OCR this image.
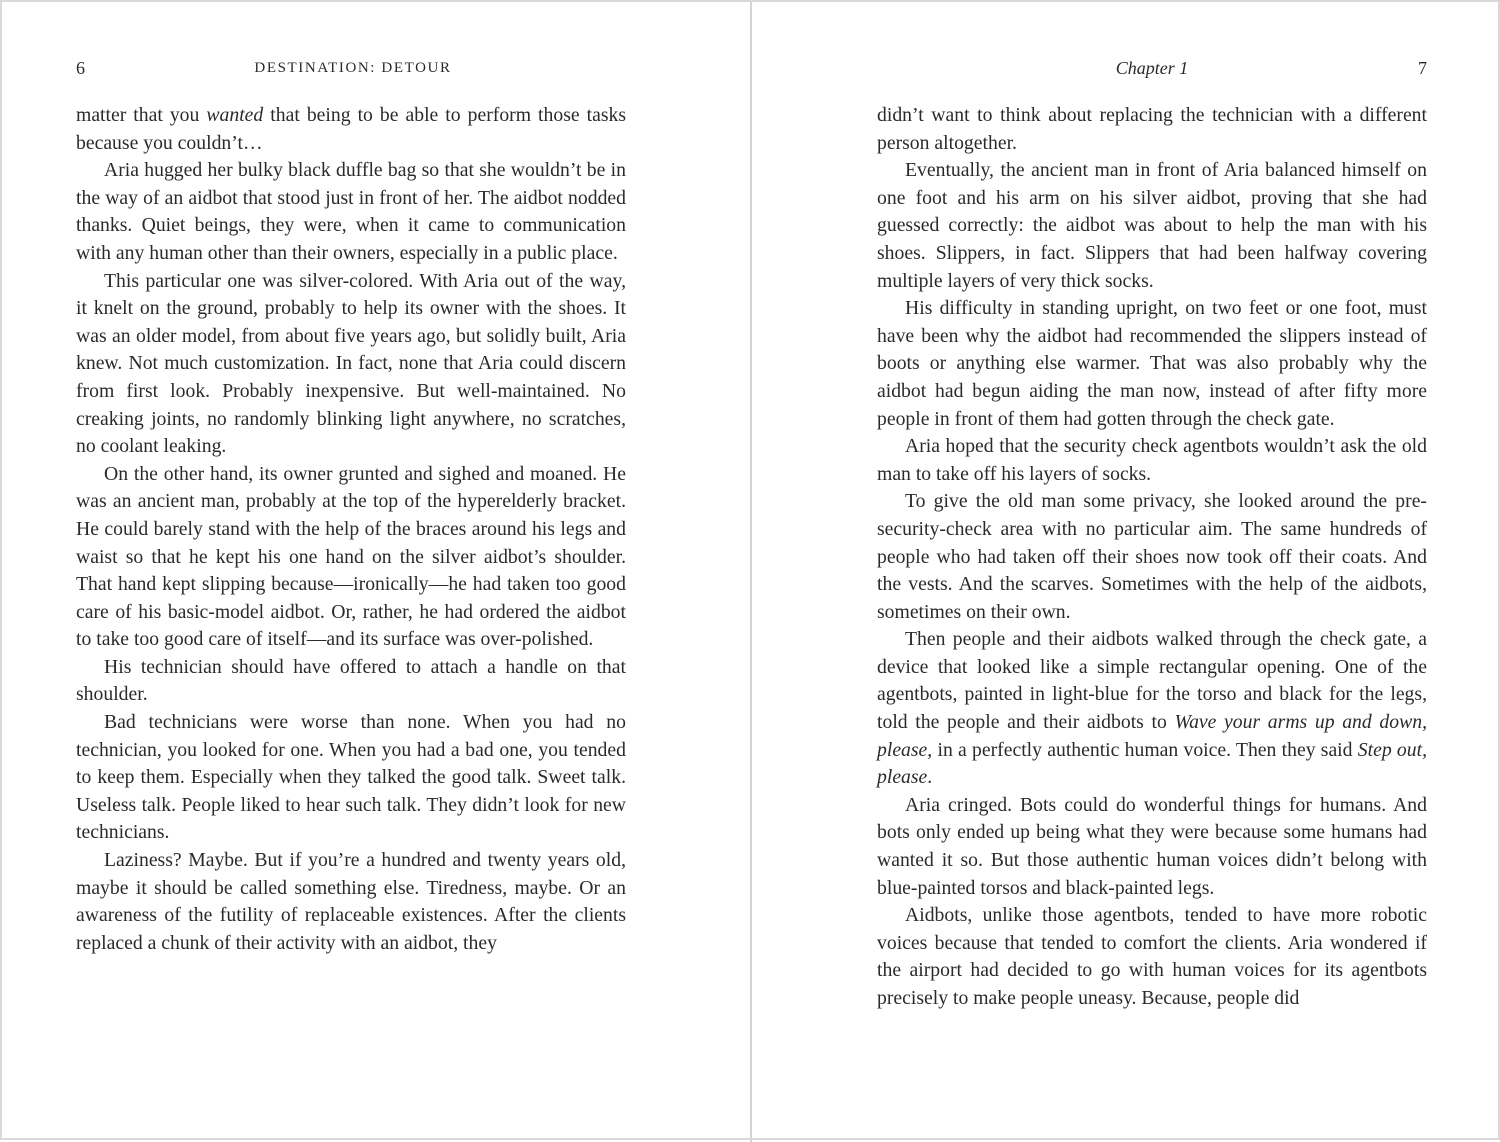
6	DESTINATION: DETOUR

matter that you wanted that being to be able to perform those tasks because you couldn’t…

Aria hugged her bulky black duffle bag so that she wouldn’t be in the way of an aidbot that stood just in front of her. The aidbot nodded thanks. Quiet beings, they were, when it came to communication with any human other than their owners, especially in a public place.

This particular one was silver-colored. With Aria out of the way, it knelt on the ground, probably to help its owner with the shoes. It was an older model, from about five years ago, but solidly built, Aria knew. Not much customization. In fact, none that Aria could discern from first look. Probably inexpensive. But well-maintained. No creaking joints, no randomly blinking light anywhere, no scratches, no coolant leaking.

On the other hand, its owner grunted and sighed and moaned. He was an ancient man, probably at the top of the hyperelderly bracket. He could barely stand with the help of the braces around his legs and waist so that he kept his one hand on the silver aidbot’s shoulder. That hand kept slipping because—ironically—he had taken too good care of his basic-model aidbot. Or, rather, he had ordered the aidbot to take too good care of itself—and its surface was over-polished.

His technician should have offered to attach a handle on that shoulder.

Bad technicians were worse than none. When you had no technician, you looked for one. When you had a bad one, you tended to keep them. Especially when they talked the good talk. Sweet talk. Useless talk. People liked to hear such talk. They didn’t look for new technicians.

Laziness? Maybe. But if you’re a hundred and twenty years old, maybe it should be called something else. Tiredness, maybe. Or an awareness of the futility of replaceable existences. After the clients replaced a chunk of their activity with an aidbot, they

Chapter 1	7

didn’t want to think about replacing the technician with a different person altogether.

Eventually, the ancient man in front of Aria balanced himself on one foot and his arm on his silver aidbot, proving that she had guessed correctly: the aidbot was about to help the man with his shoes. Slippers, in fact. Slippers that had been halfway covering multiple layers of very thick socks.

His difficulty in standing upright, on two feet or one foot, must have been why the aidbot had recommended the slippers instead of boots or anything else warmer. That was also probably why the aidbot had begun aiding the man now, instead of after fifty more people in front of them had gotten through the check gate.

Aria hoped that the security check agentbots wouldn’t ask the old man to take off his layers of socks.

To give the old man some privacy, she looked around the pre-security-check area with no particular aim. The same hundreds of people who had taken off their shoes now took off their coats. And the vests. And the scarves. Sometimes with the help of the aidbots, sometimes on their own.

Then people and their aidbots walked through the check gate, a device that looked like a simple rectangular opening. One of the agentbots, painted in light-blue for the torso and black for the legs, told the people and their aidbots to Wave your arms up and down, please, in a perfectly authentic human voice. Then they said Step out, please.

Aria cringed. Bots could do wonderful things for humans. And bots only ended up being what they were because some humans had wanted it so. But those authentic human voices didn’t belong with blue-painted torsos and black-painted legs.

Aidbots, unlike those agentbots, tended to have more robotic voices because that tended to comfort the clients. Aria wondered if the airport had decided to go with human voices for its agentbots precisely to make people uneasy. Because, people did
